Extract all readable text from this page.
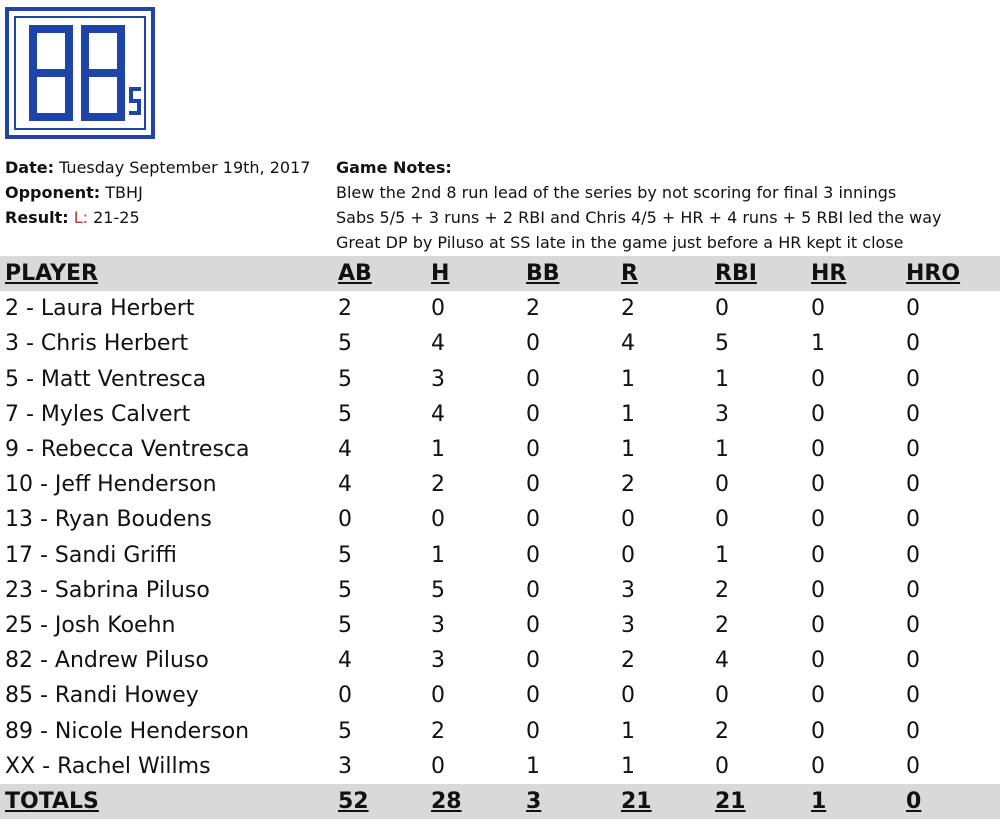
Date: Tuesday September 19th, 2017
Opponent: TBHJ
Result: L: 21-25
Game Notes:
Blew the 2nd 8 run lead of the series by not scoring for final 3 innings
Sabs 5/5 + 3 runs + 2 RBI and Chris 4/5 + HR + 4 runs + 5 RBI led the way
Great DP by Piluso at SS late in the game just before a HR kept it close
PLAYER	AB	H	BB	R	RBI	HR	HRO
2 - Laura Herbert	2	0	2	2	0	0	0
3 - Chris Herbert	5	4	0	4	5	1	0
5 - Matt Ventresca	5	3	0	1	1	0	0
7 - Myles Calvert	5	4	0	1	3	0	0
9 - Rebecca Ventresca	4	1	0	1	1	0	0
10 - Jeff Henderson	4	2	0	2	0	0	0
13 - Ryan Boudens	0	0	0	0	0	0	0
17 - Sandi Griffi	5	1	0	0	1	0	0
23 - Sabrina Piluso	5	5	0	3	2	0	0
25 - Josh Koehn	5	3	0	3	2	0	0
82 - Andrew Piluso	4	3	0	2	4	0	0
85 - Randi Howey	0	0	0	0	0	0	0
89 - Nicole Henderson	5	2	0	1	2	0	0
XX - Rachel Willms	3	0	1	1	0	0	0
TOTALS	52	28	3	21	21	1	0
